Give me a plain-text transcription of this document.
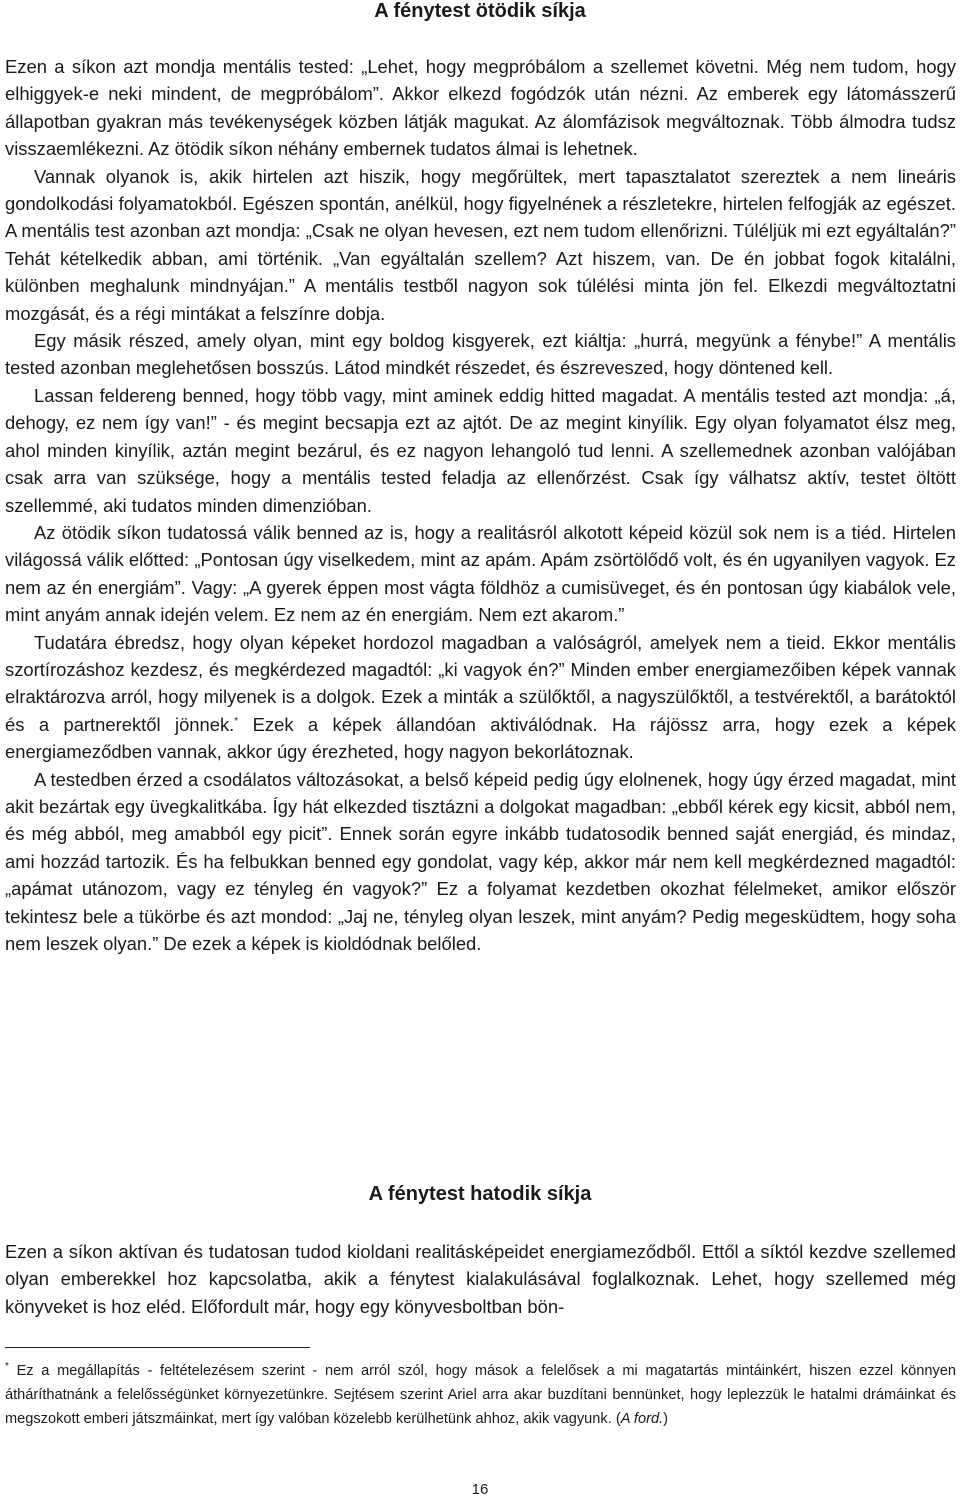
A fénytest ötödik síkja

Ezen a síkon azt mondja mentális tested: „Lehet, hogy megpróbálom a szellemet követni. Még nem tudom, hogy elhiggyek-e neki mindent, de megpróbálom”. Akkor elkezd fogódzók után nézni. Az emberek egy látomásszerű állapotban gyakran más tevékenységek közben látják magukat. Az álomfázisok megváltoznak. Több álmodra tudsz visszaemlékezni. Az ötödik síkon néhány embernek tudatos álmai is lehetnek.

Vannak olyanok is, akik hirtelen azt hiszik, hogy megőrültek, mert tapasztalatot szereztek a nem lineáris gondolkodási folyamatokból. Egészen spontán, anélkül, hogy figyelnének a részletekre, hirtelen felfogják az egészet. A mentális test azonban azt mondja: „Csak ne olyan hevesen, ezt nem tudom ellenőrizni. Túléljük mi ezt egyáltalán?” Tehát kételkedik abban, ami történik. „Van egyáltalán szellem? Azt hiszem, van. De én jobbat fogok kitalálni, különben meghalunk mindnyájan.” A mentális testből nagyon sok túlélési minta jön fel. Elkezdi megváltoztatni mozgását, és a régi mintákat a felszínre dobja.

Egy másik részed, amely olyan, mint egy boldog kisgyerek, ezt kiáltja: „hurrá, megyünk a fénybe!” A mentális tested azonban meglehetősen bosszús. Látod mindkét részedet, és észreveszed, hogy döntened kell.

Lassan feldereng benned, hogy több vagy, mint aminek eddig hitted magadat. A mentális tested azt mondja: „á, dehogy, ez nem így van!” - és megint becsapja ezt az ajtót. De az megint kinyílik. Egy olyan folyamatot élsz meg, ahol minden kinyílik, aztán megint bezárul, és ez nagyon lehangoló tud lenni. A szellemednek azonban valójában csak arra van szüksége, hogy a mentális tested feladja az ellenőrzést. Csak így válhatsz aktív, testet öltött szellemmé, aki tudatos minden dimenzióban.

Az ötödik síkon tudatossá válik benned az is, hogy a realitásról alkotott képeid közül sok nem is a tiéd. Hirtelen világossá válik előtted: „Pontosan úgy viselkedem, mint az apám. Apám zsörtölődő volt, és én ugyanilyen vagyok. Ez nem az én energiám”. Vagy: „A gyerek éppen most vágta földhöz a cumisüveget, és én pontosan úgy kiabálok vele, mint anyám annak idején velem. Ez nem az én energiám. Nem ezt akarom.”

Tudatára ébredsz, hogy olyan képeket hordozol magadban a valóságról, amelyek nem a tieid. Ekkor mentális szortírozáshoz kezdesz, és megkérdezed magadtól: „ki vagyok én?” Minden ember energiamezőiben képek vannak elraktározva arról, hogy milyenek is a dolgok. Ezek a minták a szülőktől, a nagyszülőktől, a testvérektől, a barátoktól és a partnerektől jönnek.* Ezek a képek állandóan aktiválódnak. Ha rájössz arra, hogy ezek a képek energiameződben vannak, akkor úgy érezheted, hogy nagyon bekorlátoznak.

A testedben érzed a csodálatos változásokat, a belső képeid pedig úgy elolnenek, hogy úgy érzed magadat, mint akit bezártak egy üvegkalitkába. Így hát elkezded tisztázni a dolgokat magadban: „ebből kérek egy kicsit, abból nem, és még abból, meg amabból egy picit”. Ennek során egyre inkább tudatosodik benned saját energiád, és mindaz, ami hozzád tartozik. És ha felbukkan benned egy gondolat, vagy kép, akkor már nem kell megkérdezned magadtól: „apámat utánozom, vagy ez tényleg én vagyok?” Ez a folyamat kezdetben okozhat félelmeket, amikor először tekintesz bele a tükörbe és azt mondod: „Jaj ne, tényleg olyan leszek, mint anyám? Pedig megesküdtem, hogy soha nem leszek olyan.” De ezek a képek is kioldódnak belőled.

A fénytest hatodik síkja

Ezen a síkon aktívan és tudatosan tudod kioldani realitásképeidet energiameződből. Ettől a síktól kezdve szellemed olyan emberekkel hoz kapcsolatba, akik a fénytest kialakulásával foglalkoznak. Lehet, hogy szellemed még könyveket is hoz eléd. Előfordult már, hogy egy könyvesboltban bön-

* Ez a megállapítás - feltételezésem szerint - nem arról szól, hogy mások a felelősek a mi magatartás mintáinkért, hiszen ezzel könnyen átháríthatnánk a felelősségünket környezetünkre. Sejtésem szerint Ariel arra akar buzdítani bennünket, hogy leplezzük le hatalmi drámáinkat és megszokott emberi játszmáinkat, mert így valóban közelebb kerülhetünk ahhoz, akik vagyunk. (A ford.)

16
